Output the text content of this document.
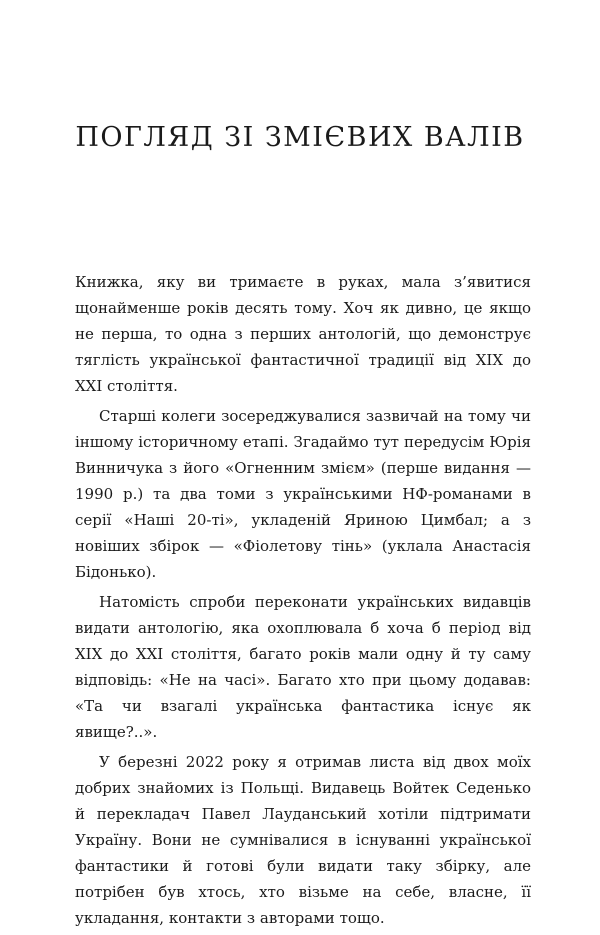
ПОГЛЯД ЗІ ЗМІЄВИХ ВАЛІВ

Книжка, яку ви тримаєте в руках, мала з’явитися щонайменше років десять тому. Хоч як дивно, це якщо не перша, то одна з перших антологій, що демонструє тяглість української фантастичної традиції від XIX до XXI століття.

Старші колеги зосереджувалися зазвичай на тому чи іншому історичному етапі. Згадаймо тут передусім Юрія Винничука з його «Огненним змієм» (перше видання — 1990 р.) та два томи з українськими НФ-романами в серії «Наші 20-ті», укладеній Яриною Цимбал; а з новіших збірок — «Фіолетову тінь» (уклала Анастасія Бідонько).

Натомість спроби переконати українських видавців видати антологію, яка охоплювала б хоча б період від XIX до XXI століття, багато років мали одну й ту саму відповідь: «Не на часі». Багато хто при цьому додавав: «Та чи взагалі українська фантастика існує як явище?..».

У березні 2022 року я отримав листа від двох моїх добрих знайомих із Польщі. Видавець Войтек Седенько й перекладач Павел Лауданський хотіли підтримати Україну. Вони не сумнівалися в існуванні української фантастики й готові були видати таку збірку, але потрібен був хтось, хто візьме на себе, власне, її укладання, контакти з авторами тощо.
